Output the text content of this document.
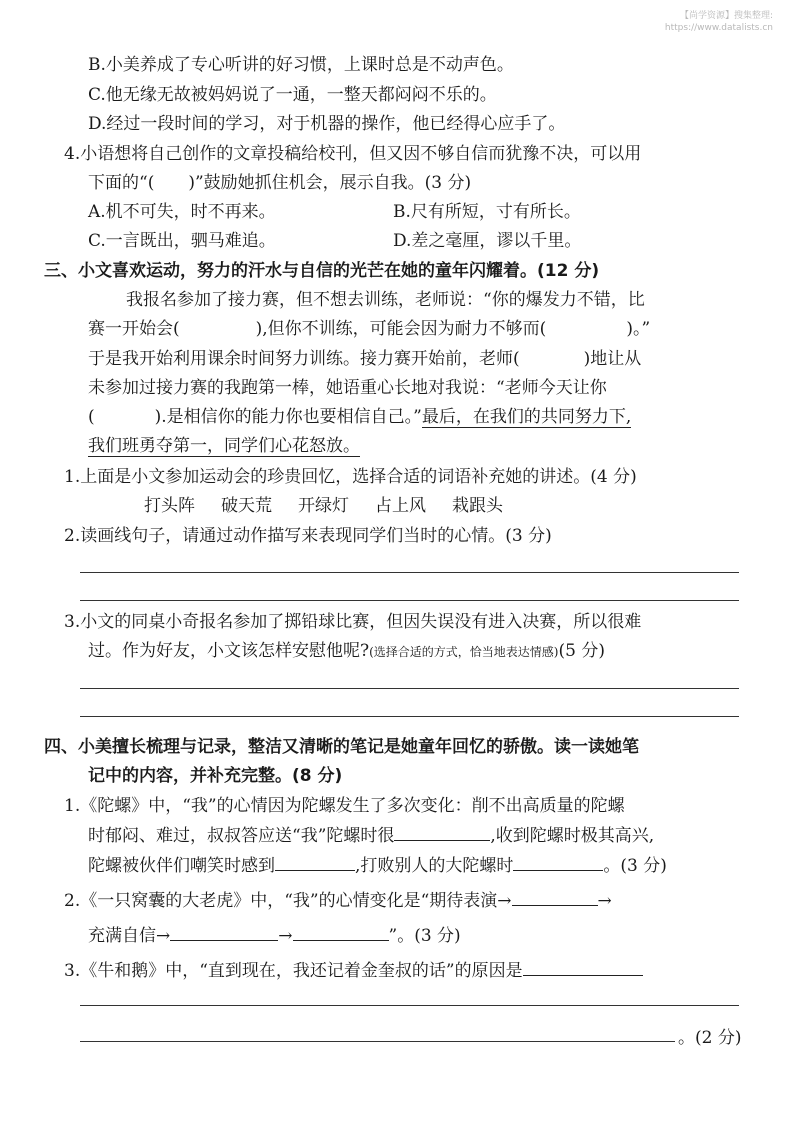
【尚学资源】搜集整理:
https://www.datalists.cn
B.小美养成了专心听讲的好习惯，上课时总是不动声色。
C.他无缘无故被妈妈说了一通，一整天都闷闷不乐的。
D.经过一段时间的学习，对于机器的操作，他已经得心应手了。
4.小语想将自己创作的文章投稿给校刊，但又因不够自信而犹豫不决，可以用
下面的“(　　)”鼓励她抓住机会，展示自我。(3 分)
A.机不可失，时不再来。	B.尺有所短，寸有所长。
C.一言既出，驷马难追。	D.差之毫厘，谬以千里。
三、小文喜欢运动，努力的汗水与自信的光芒在她的童年闪耀着。(12 分)
我报名参加了接力赛，但不想去训练，老师说：“你的爆发力不错，比
赛一开始会(	),但你不训练，可能会因为耐力不够而(	)。”
于是我开始利用课余时间努力训练。接力赛开始前，老师(	)地让从
未参加过接力赛的我跑第一棒，她语重心长地对我说：“老师今天让你
(	).是相信你的能力你也要相信自己。”最后，在我们的共同努力下,
我们班勇夺第一，同学们心花怒放。
1.上面是小文参加运动会的珍贵回忆，选择合适的词语补充她的讲述。(4 分)
打头阵 破天荒 开绿灯 占上风 栽跟头
2.读画线句子，请通过动作描写来表现同学们当时的心情。(3 分)
3.小文的同桌小奇报名参加了掷铅球比赛，但因失误没有进入决赛，所以很难
过。作为好友，小文该怎样安慰他呢?(选择合适的方式，恰当地表达情感)(5 分)
四、小美擅长梳理与记录，整洁又清晰的笔记是她童年回忆的骄傲。读一读她笔
记中的内容，并补充完整。(8 分)
1.《陀螺》中，“我”的心情因为陀螺发生了多次变化：削不出高质量的陀螺
时郁闷、难过，叔叔答应送“我”陀螺时很	,收到陀螺时极其高兴,
陀螺被伙伴们嘲笑时感到	,打败别人的大陀螺时	。(3 分)
2.《一只窝囊的大老虎》中，“我”的心情变化是“期待表演→	→
充满自信→	→	”。(3 分)
3.《牛和鹅》中，“直到现在，我还记着金奎叔的话”的原因是
。(2 分)
